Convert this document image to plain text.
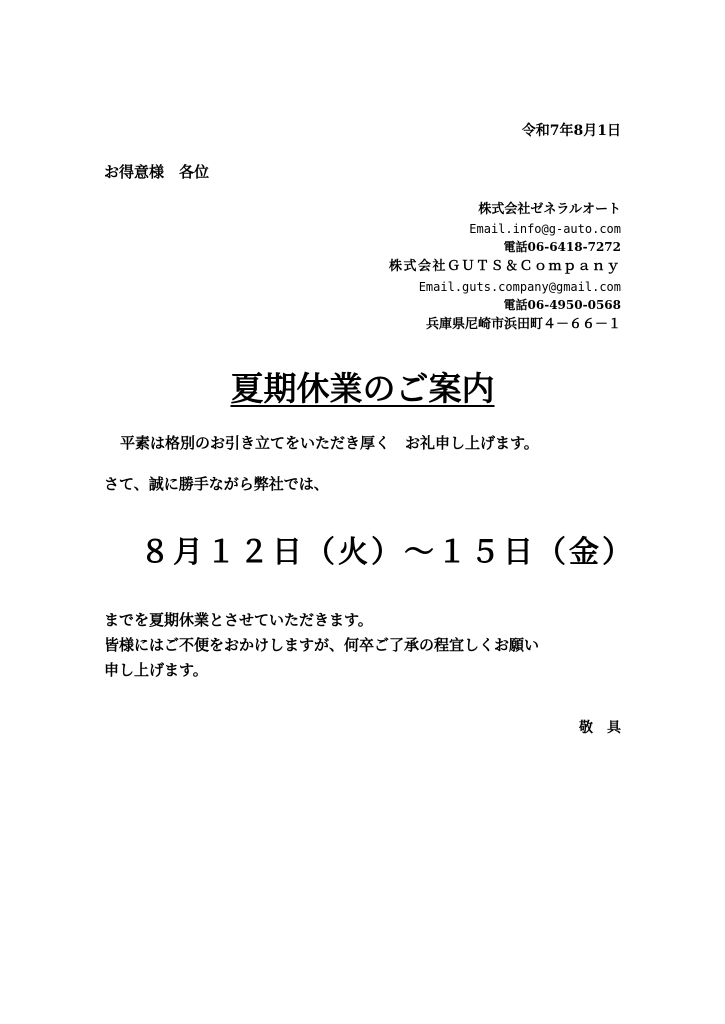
令和7年8月1日
お得意様　各位
株式会社ゼネラルオート
Email.info@g-auto.com
電話06-6418-7272
株式会社ＧＵＴＳ＆Ｃｏｍｐａｎｙ
Email.guts.company@gmail.com
電話06-4950-0568
兵庫県尼崎市浜田町４－６６－１
夏期休業のご案内
平素は格別のお引き立てをいただき厚く　お礼申し上げます。
さて、誠に勝手ながら弊社では、
８月１２日（火）～１５日（金）
までを夏期休業とさせていただきます。
皆様にはご不便をおかけしますが、何卒ご了承の程宜しくお願い
申し上げます。
敬　具
